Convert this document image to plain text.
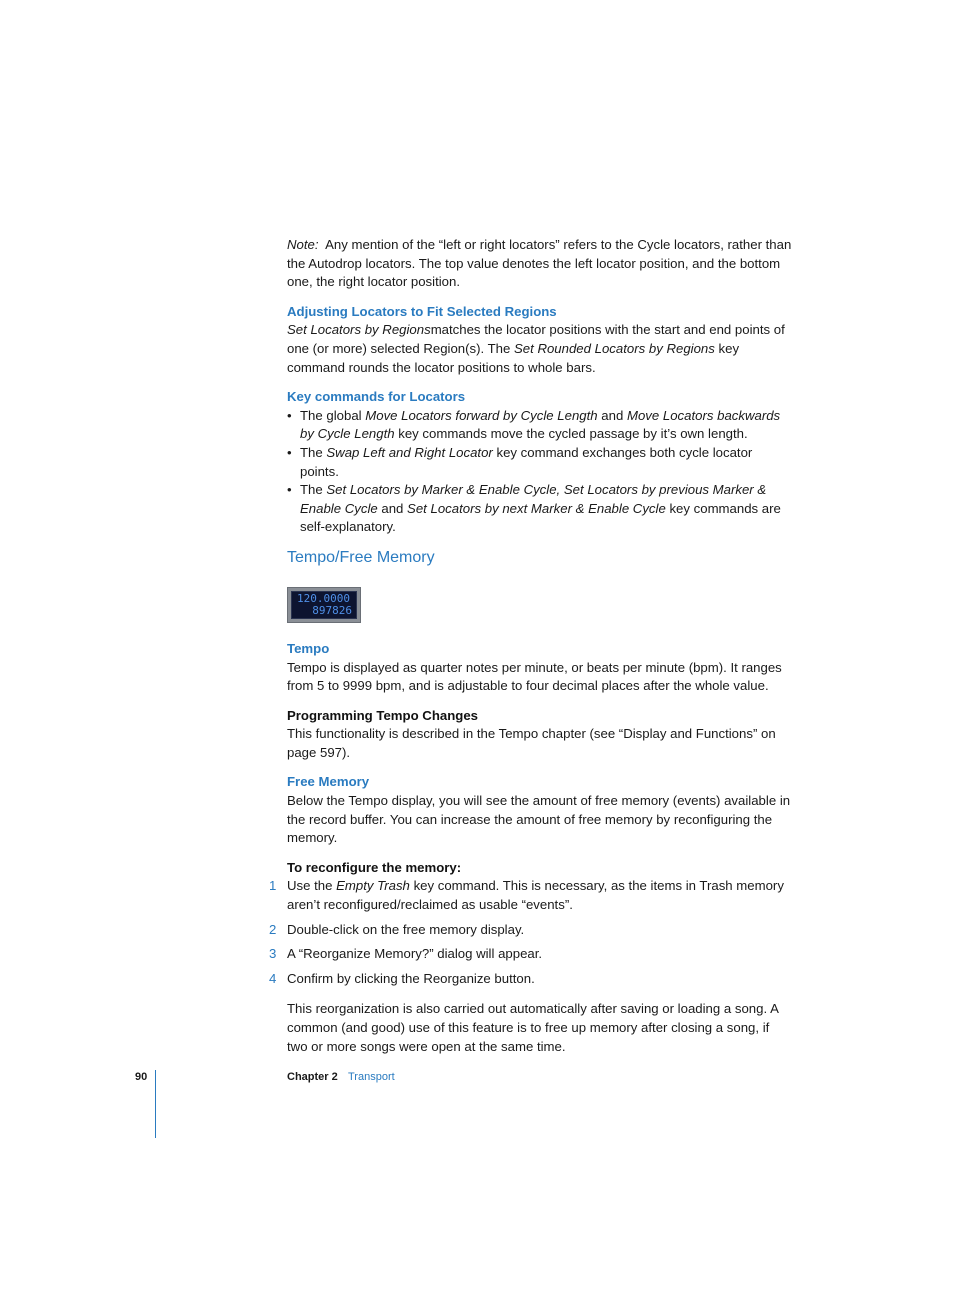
Note: Any mention of the “left or right locators” refers to the Cycle locators, rather than the Autodrop locators. The top value denotes the left locator position, and the bottom one, the right locator position.

Adjusting Locators to Fit Selected Regions

Set Locators by Regionsmatches the locator positions with the start and end points of one (or more) selected Region(s). The Set Rounded Locators by Regions key command rounds the locator positions to whole bars.

Key commands for Locators
• The global Move Locators forward by Cycle Length and Move Locators backwards by Cycle Length key commands move the cycled passage by it’s own length.
• The Swap Left and Right Locator key command exchanges both cycle locator points.
• The Set Locators by Marker & Enable Cycle, Set Locators by previous Marker & Enable Cycle and Set Locators by next Marker & Enable Cycle key commands are self-explanatory.
Tempo/Free Memory
120.0000
897826
Tempo

Tempo is displayed as quarter notes per minute, or beats per minute (bpm). It ranges from 5 to 9999 bpm, and is adjustable to four decimal places after the whole value.

Programming Tempo Changes

This functionality is described in the Tempo chapter (see “Display and Functions” on page 597).

Free Memory

Below the Tempo display, you will see the amount of free memory (events) available in the record buffer. You can increase the amount of free memory by reconfiguring the memory.

To reconfigure the memory:
1 Use the Empty Trash key command. This is necessary, as the items in Trash memory aren’t reconfigured/reclaimed as usable “events”.
2 Double-click on the free memory display.
3 A “Reorganize Memory?” dialog will appear.
4 Confirm by clicking the Reorganize button.

This reorganization is also carried out automatically after saving or loading a song. A common (and good) use of this feature is to free up memory after closing a song, if two or more songs were open at the same time.

90	Chapter 2 Transport
